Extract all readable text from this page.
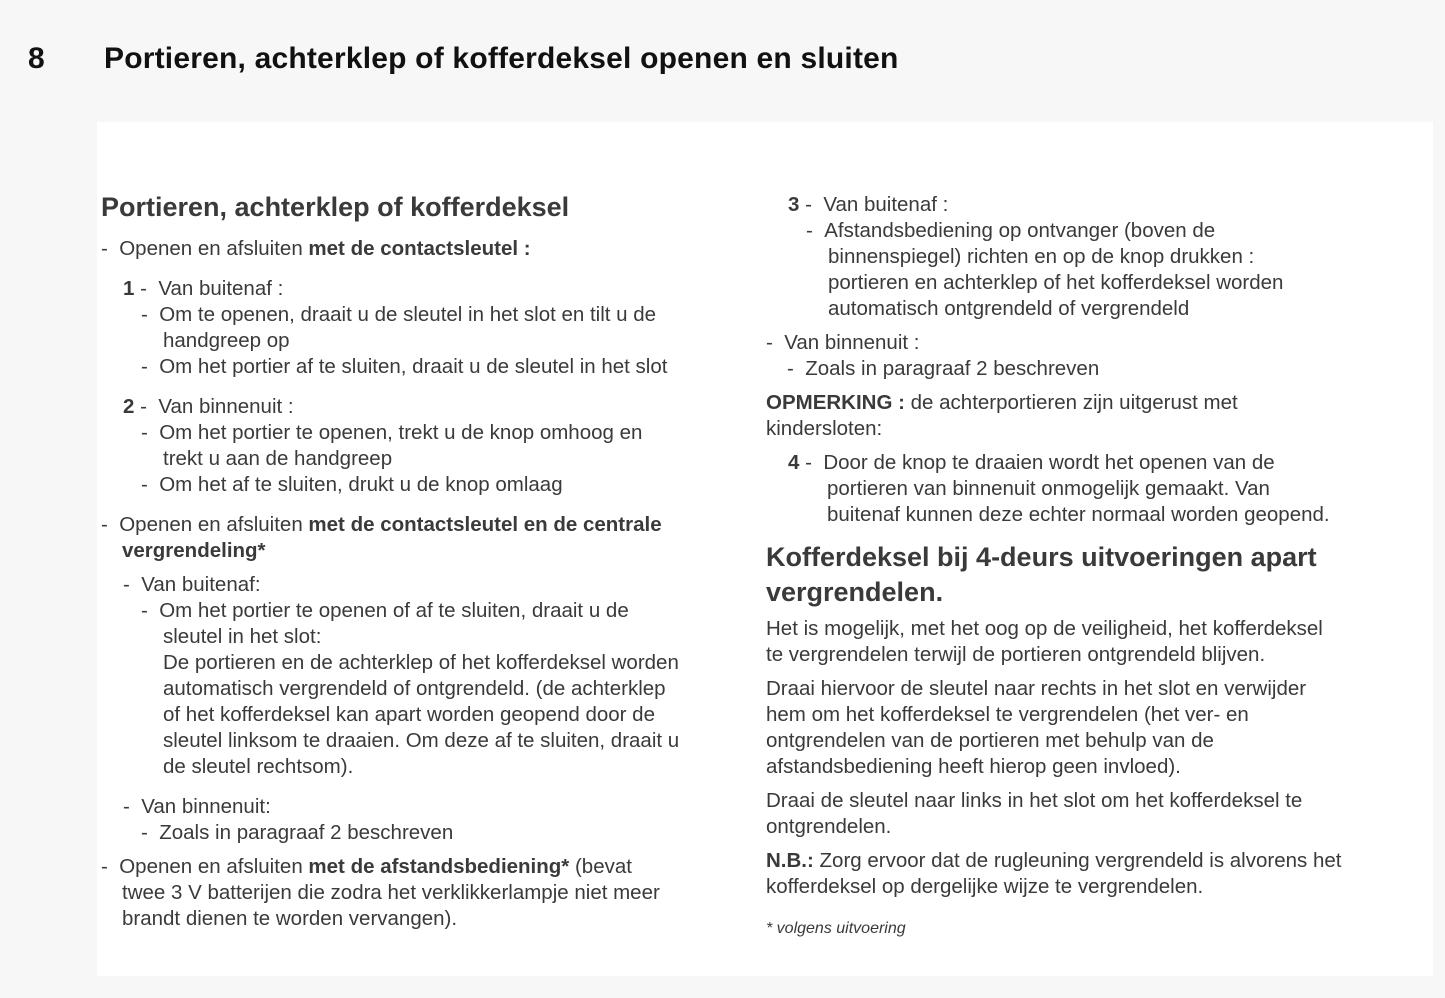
8 Portieren, achterklep of kofferdeksel openen en sluiten
Portieren, achterklep of kofferdeksel
-  Openen en afsluiten met de contactsleutel :
1 -  Van buitenaf :
-  Om te openen, draait u de sleutel in het slot en tilt u de
handgreep op
-  Om het portier af te sluiten, draait u de sleutel in het slot
2 -  Van binnenuit :
-  Om het portier te openen, trekt u de knop omhoog en
trekt u aan de handgreep
-  Om het af te sluiten, drukt u de knop omlaag
-  Openen en afsluiten met de contactsleutel en de centrale
vergrendeling*
-  Van buitenaf:
-  Om het portier te openen of af te sluiten, draait u de
sleutel in het slot:
De portieren en de achterklep of het kofferdeksel worden
automatisch vergrendeld of ontgrendeld. (de achterklep
of het kofferdeksel kan apart worden geopend door de
sleutel linksom te draaien. Om deze af te sluiten, draait u
de sleutel rechtsom).
-  Van binnenuit:
-  Zoals in paragraaf 2 beschreven
-  Openen en afsluiten met de afstandsbediening* (bevat
twee 3 V batterijen die zodra het verklikkerlampje niet meer
brandt dienen te worden vervangen).
3 -  Van buitenaf :
-  Afstandsbediening op ontvanger (boven de
binnenspiegel) richten en op de knop drukken :
portieren en achterklep of het kofferdeksel worden
automatisch ontgrendeld of vergrendeld
-  Van binnenuit :
-  Zoals in paragraaf 2 beschreven
OPMERKING : de achterportieren zijn uitgerust met
kindersloten:
4 -  Door de knop te draaien wordt het openen van de
portieren van binnenuit onmogelijk gemaakt. Van
buitenaf kunnen deze echter normaal worden geopend.
Kofferdeksel bij 4-deurs uitvoeringen apart
vergrendelen.
Het is mogelijk, met het oog op de veiligheid, het kofferdeksel
te vergrendelen terwijl de portieren ontgrendeld blijven.
Draai hiervoor de sleutel naar rechts in het slot en verwijder
hem om het kofferdeksel te vergrendelen (het ver- en
ontgrendelen van de portieren met behulp van de
afstandsbediening heeft hierop geen invloed).
Draai de sleutel naar links in het slot om het kofferdeksel te
ontgrendelen.
N.B.: Zorg ervoor dat de rugleuning vergrendeld is alvorens het
kofferdeksel op dergelijke wijze te vergrendelen.
* volgens uitvoering
